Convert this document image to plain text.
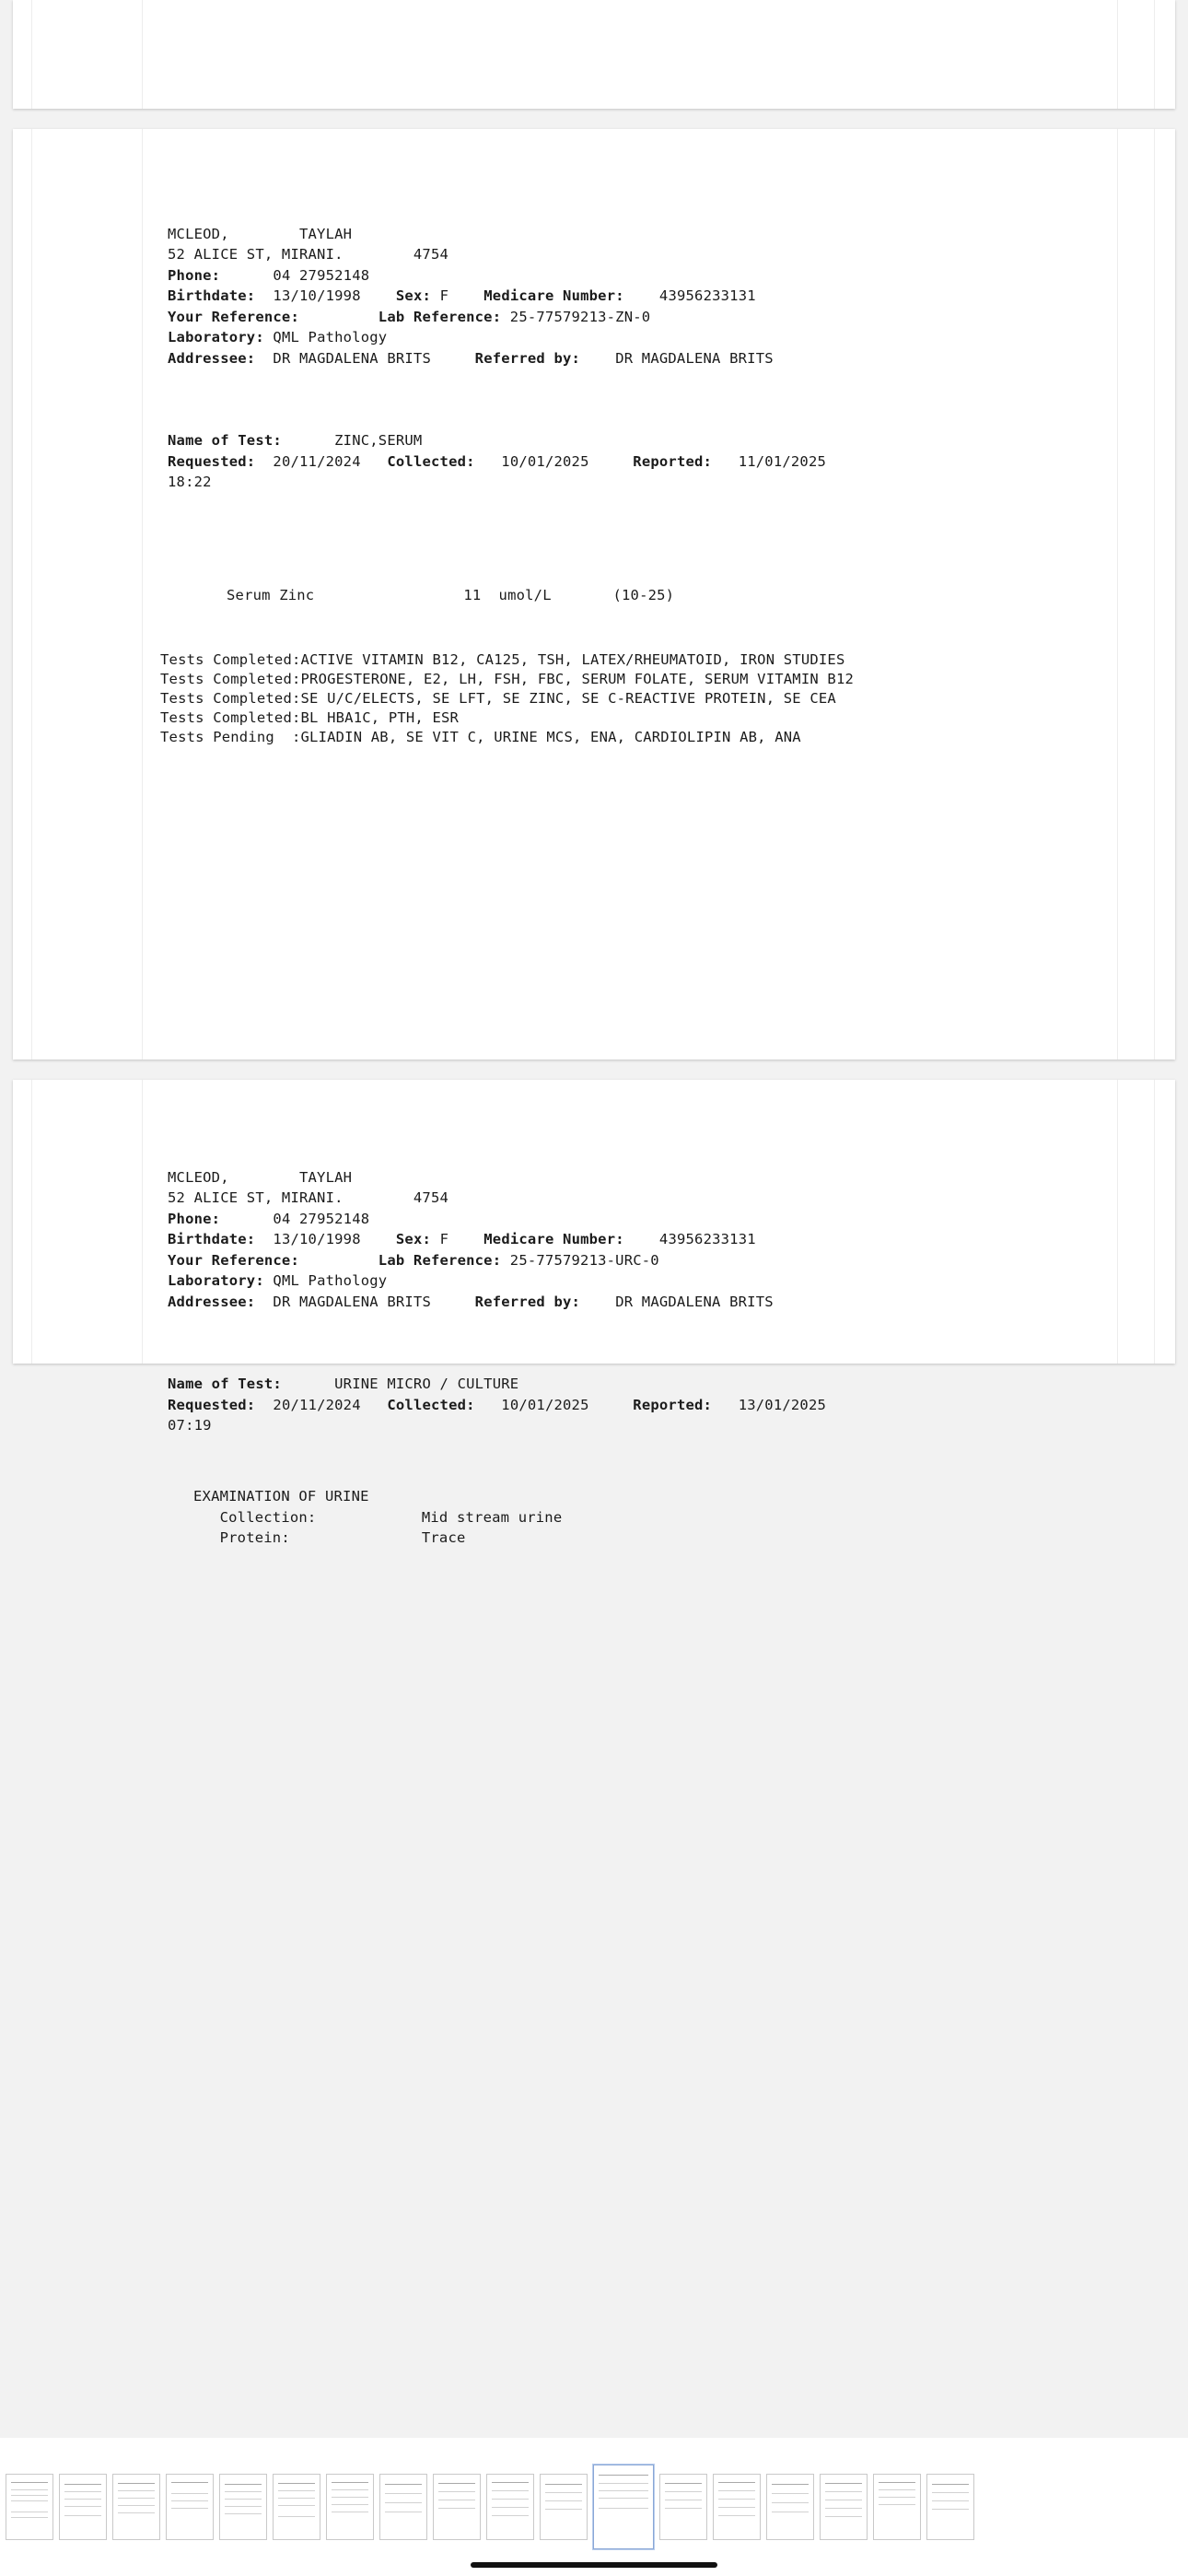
MCLEOD,        TAYLAH
52 ALICE ST, MIRANI.        4754
Phone:	04 27952148
Birthdate: 13/10/1998 Sex: F Medicare Number: 43956233131
Your Reference:	Lab Reference: 25-77579213-ZN-0
Laboratory: QML Pathology
Addressee: DR MAGDALENA BRITS	Referred by: DR MAGDALENA BRITS

Name of Test:	ZINC,SERUM
Requested: 20/11/2024 Collected: 10/01/2025	Reported: 11/01/2025
18:22

Serum Zinc	11 umol/L	(10-25)
Tests Completed:ACTIVE VITAMIN B12, CA125, TSH, LATEX/RHEUMATOID, IRON STUDIES
Tests Completed:PROGESTERONE, E2, LH, FSH, FBC, SERUM FOLATE, SERUM VITAMIN B12
Tests Completed:SE U/C/ELECTS, SE LFT, SE ZINC, SE C-REACTIVE PROTEIN, SE CEA
Tests Completed:BL HBA1C, PTH, ESR
Tests Pending  :GLIADIN AB, SE VIT C, URINE MCS, ENA, CARDIOLIPIN AB, ANA

MCLEOD,        TAYLAH
52 ALICE ST, MIRANI.        4754
Phone:	04 27952148
Birthdate: 13/10/1998 Sex: F Medicare Number: 43956233131
Your Reference:	Lab Reference: 25-77579213-URC-0
Laboratory: QML Pathology
Addressee: DR MAGDALENA BRITS	Referred by: DR MAGDALENA BRITS

Name of Test:	URINE MICRO / CULTURE
Requested: 20/11/2024 Collected: 10/01/2025	Reported: 13/01/2025
07:19

EXAMINATION OF URINE
Collection:	Mid stream urine
Protein:	Trace
